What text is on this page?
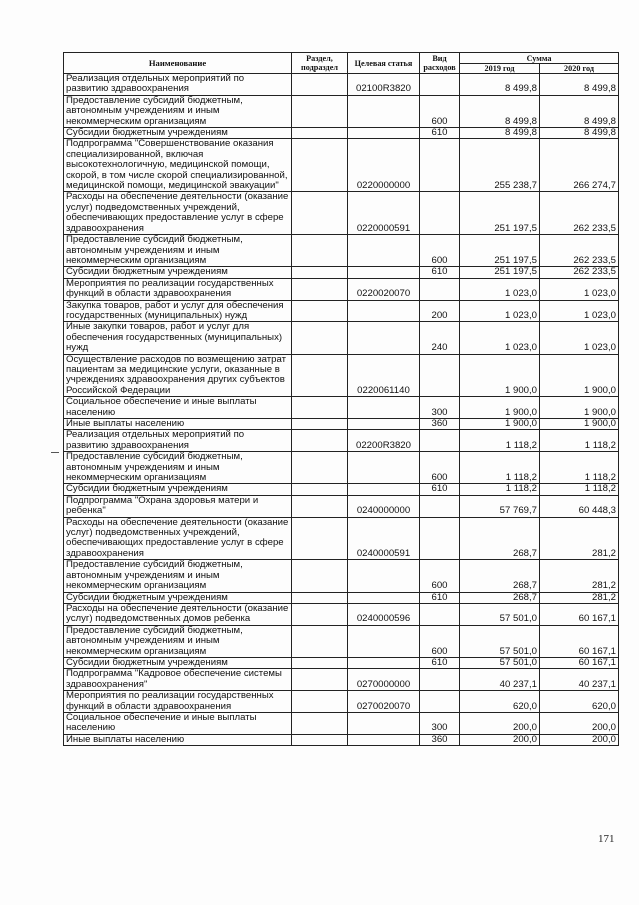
Наименование	Раздел, подраздел	Целевая статья	Вид расходов	Сумма	
				2019 год	2020 год
Реализация отдельных мероприятий по развитию здравоохранения		02100R3820		8 499,8	8 499,8
Предоставление субсидий бюджетным, автономным учреждениям и иным некоммерческим организациям			600	8 499,8	8 499,8
Субсидии бюджетным учреждениям			610	8 499,8	8 499,8
Подпрограмма "Совершенствование оказания специализированной, включая высокотехнологичную, медицинской помощи, скорой, в том числе скорой специализированной, медицинской помощи, медицинской эвакуации"		0220000000		255 238,7	266 274,7
Расходы на обеспечение деятельности (оказание услуг) подведомственных учреждений, обеспечивающих предоставление услуг в сфере здравоохранения		0220000591		251 197,5	262 233,5
Предоставление субсидий бюджетным, автономным учреждениям и иным некоммерческим организациям			600	251 197,5	262 233,5
Субсидии бюджетным учреждениям			610	251 197,5	262 233,5
Мероприятия по реализации государственных функций в области здравоохранения		0220020070		1 023,0	1 023,0
Закупка товаров, работ и услуг для обеспечения государственных (муниципальных) нужд			200	1 023,0	1 023,0
Иные закупки товаров, работ и услуг для обеспечения государственных (муниципальных) нужд			240	1 023,0	1 023,0
Осуществление расходов по возмещению затрат пациентам за медицинские услуги, оказанные в учреждениях здравоохранения других субъектов Российской Федерации		0220061140		1 900,0	1 900,0
Социальное обеспечение и иные выплаты населению			300	1 900,0	1 900,0
Иные выплаты населению			360	1 900,0	1 900,0
Реализация отдельных мероприятий по развитию здравоохранения		02200R3820		1 118,2	1 118,2
Предоставление субсидий бюджетным, автономным учреждениям и иным некоммерческим организациям			600	1 118,2	1 118,2
Субсидии бюджетным учреждениям			610	1 118,2	1 118,2
Подпрограмма "Охрана здоровья матери и ребенка"		0240000000		57 769,7	60 448,3
Расходы на обеспечение деятельности (оказание услуг) подведомственных учреждений, обеспечивающих предоставление услуг в сфере здравоохранения		0240000591		268,7	281,2
Предоставление субсидий бюджетным, автономным учреждениям и иным некоммерческим организациям			600	268,7	281,2
Субсидии бюджетным учреждениям			610	268,7	281,2
Расходы на обеспечение деятельности (оказание услуг) подведомственных домов ребенка		0240000596		57 501,0	60 167,1
Предоставление субсидий бюджетным, автономным учреждениям и иным некоммерческим организациям			600	57 501,0	60 167,1
Субсидии бюджетным учреждениям			610	57 501,0	60 167,1
Подпрограмма "Кадровое обеспечение системы здравоохранения"		0270000000		40 237,1	40 237,1
Мероприятия по реализации государственных функций в области здравоохранения		0270020070		620,0	620,0
Социальное обеспечение и иные выплаты населению			300	200,0	200,0
Иные выплаты населению			360	200,0	200,0
171
